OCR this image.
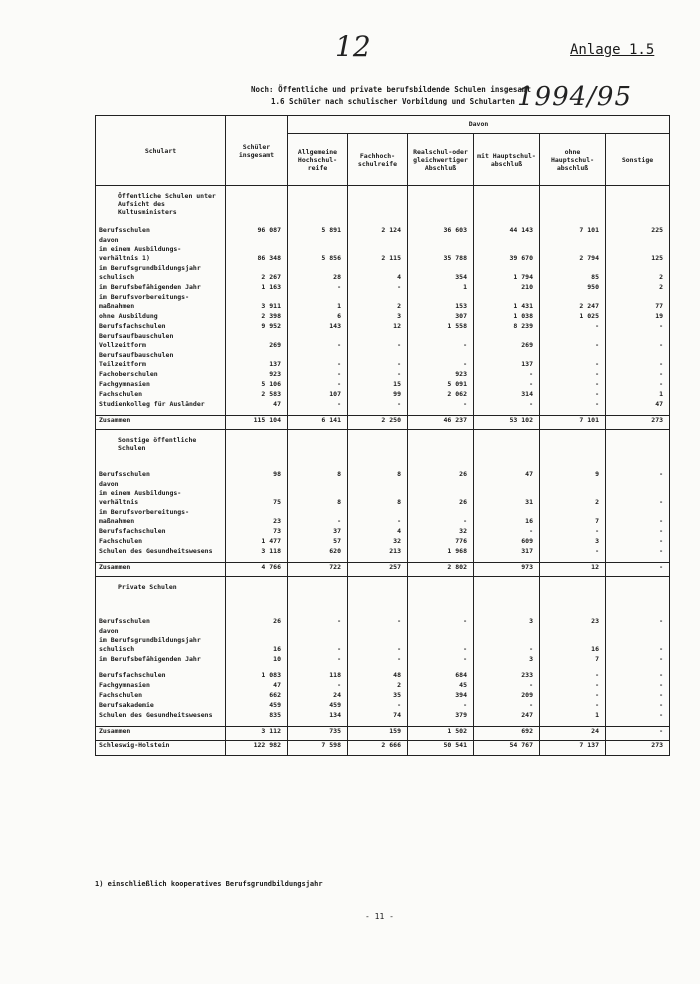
12	Anlage 1.5
Noch: Öffentliche und private berufsbildende Schulen insgesamt
1.6 Schüler nach schulischer Vorbildung und Schularten 1994/95
Schulart	Schüler insgesamt	Davon					
		Allgemeine Hochschul-reife	Fachhoch-schulreife	Realschul-oder gleichwertiger Abschluß	mit Hauptschul-abschluß	ohne Hauptschul-abschluß	Sonstige

Öffentliche Schulen unter Aufsicht des Kultusministers							

Berufsschulen	96 087	5 891	2 124	36 603	44 143	7 101	225
davon							
im einem Ausbildungs-							
verhältnis 1)	86 348	5 856	2 115	35 788	39 670	2 794	125
im Berufsgrundbildungsjahr							
schulisch	2 267	28	4	354	1 794	85	2
im Berufsbefähigenden Jahr	1 163	-	-	1	210	950	2
im Berufsvorbereitungs-							
maßnahmen	3 911	1	2	153	1 431	2 247	77
ohne Ausbildung	2 398	6	3	307	1 038	1 025	19
Berufsfachschulen	9 952	143	12	1 558	8 239	-	-
Berufsaufbauschulen							
Vollzeitform	269	-	-	-	269	-	-
Berufsaufbauschulen							
Teilzeitform	137	-	-	-	137	-	-
Fachoberschulen	923	-	-	923	-	-	-
Fachgymnasien	5 106	-	15	5 091	-	-	-
Fachschulen	2 583	107	99	2 062	314	-	1
Studienkolleg für Ausländer	47	-	-	-	-	-	47

Zusammen	115 104	6 141	2 250	46 237	53 102	7 101	273

Sonstige öffentliche Schulen							

Berufsschulen	98	8	8	26	47	9	-
davon							
im einem Ausbildungs-							
verhältnis	75	8	8	26	31	2	-
im Berufsvorbereitungs-							
maßnahmen	23	-	-	-	16	7	-
Berufsfachschulen	73	37	4	32	-	-	-
Fachschulen	1 477	57	32	776	609	3	-
Schulen des Gesundheitswesens	3 118	620	213	1 968	317	-	-

Zusammen	4 766	722	257	2 802	973	12	-

Private Schulen							

Berufsschulen	26	-	-	-	3	23	-
davon							
im Berufsgrundbildungsjahr							
schulisch	16	-	-	-	-	16	-
im Berufsbefähigenden Jahr	10	-	-	-	3	7	-

Berufsfachschulen	1 083	118	48	684	233	-	-
Fachgymnasien	47	-	2	45	-	-	-
Fachschulen	662	24	35	394	209	-	-
Berufsakademie	459	459	-	-	-	-	-
Schulen des Gesundheitswesens	835	134	74	379	247	1	-

Zusammen	3 112	735	159	1 502	692	24	-
Schleswig-Holstein	122 982	7 598	2 666	50 541	54 767	7 137	273
1) einschließlich kooperatives Berufsgrundbildungsjahr
- 11 -
